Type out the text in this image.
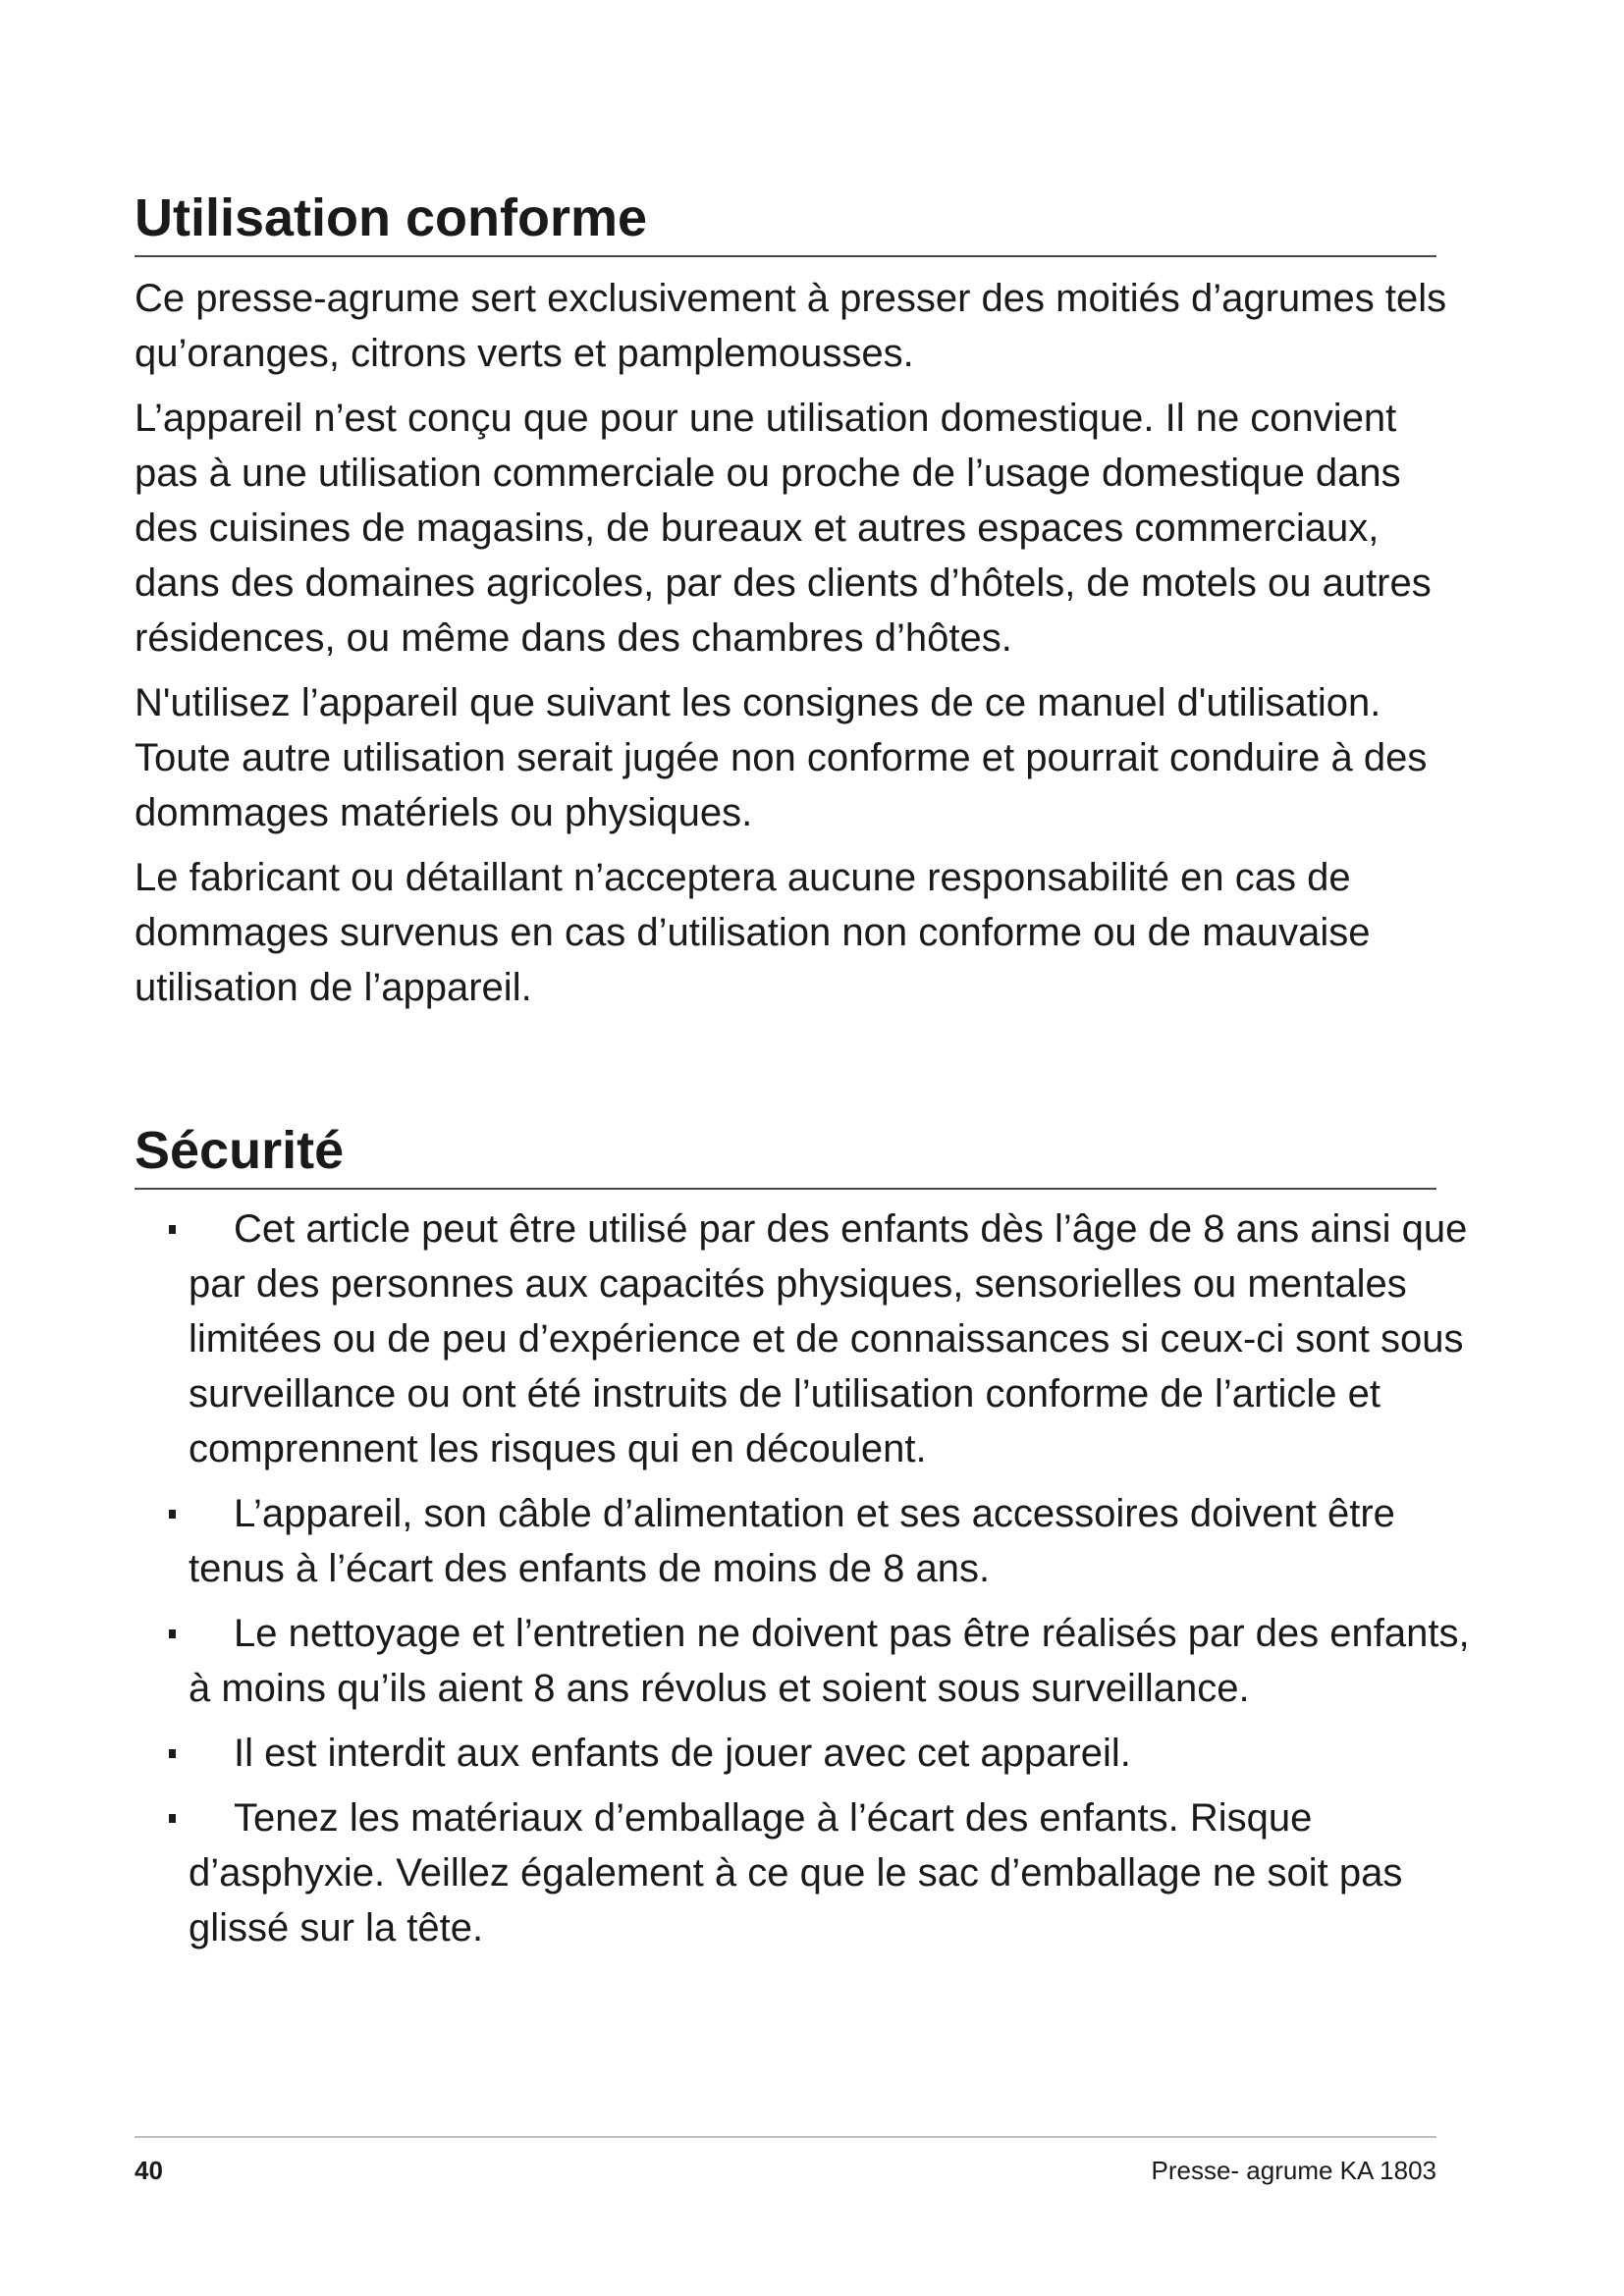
Utilisation conforme

Ce presse-agrume sert exclusivement à presser des moitiés d’agrumes tels qu’oranges, citrons verts et pamplemousses.

L’appareil n’est conçu que pour une utilisation domestique. Il ne convient pas à une utilisation commerciale ou proche de l’usage domestique dans des cuisines de magasins, de bureaux et autres espaces commerciaux, dans des domaines agricoles, par des clients d’hôtels, de motels ou autres résidences, ou même dans des chambres d’hôtes.

N'utilisez l’appareil que suivant les consignes de ce manuel d'utilisation. Toute autre utilisation serait jugée non conforme et pourrait conduire à des dommages matériels ou physiques.

Le fabricant ou détaillant n’acceptera aucune responsabilité en cas de dommages survenus en cas d’utilisation non conforme ou de mauvaise utilisation de l’appareil.

Sécurité
Cet article peut être utilisé par des enfants dès l’âge de 8 ans ainsi que par des personnes aux capacités physiques, sensorielles ou mentales limitées ou de peu d’expérience et de connaissances si ceux-ci sont sous surveillance ou ont été instruits de l’utilisation conforme de l’article et comprennent les risques qui en découlent.
L’appareil, son câble d’alimentation et ses accessoires doivent être tenus à l’écart des enfants de moins de 8 ans.
Le nettoyage et l’entretien ne doivent pas être réalisés par des enfants, à moins qu’ils aient 8 ans révolus et soient sous surveillance.
Il est interdit aux enfants de jouer avec cet appareil.
Tenez les matériaux d’emballage à l’écart des enfants. Risque d’asphyxie. Veillez également à ce que le sac d’emballage ne soit pas glissé sur la tête.
40	Presse- agrume KA 1803
